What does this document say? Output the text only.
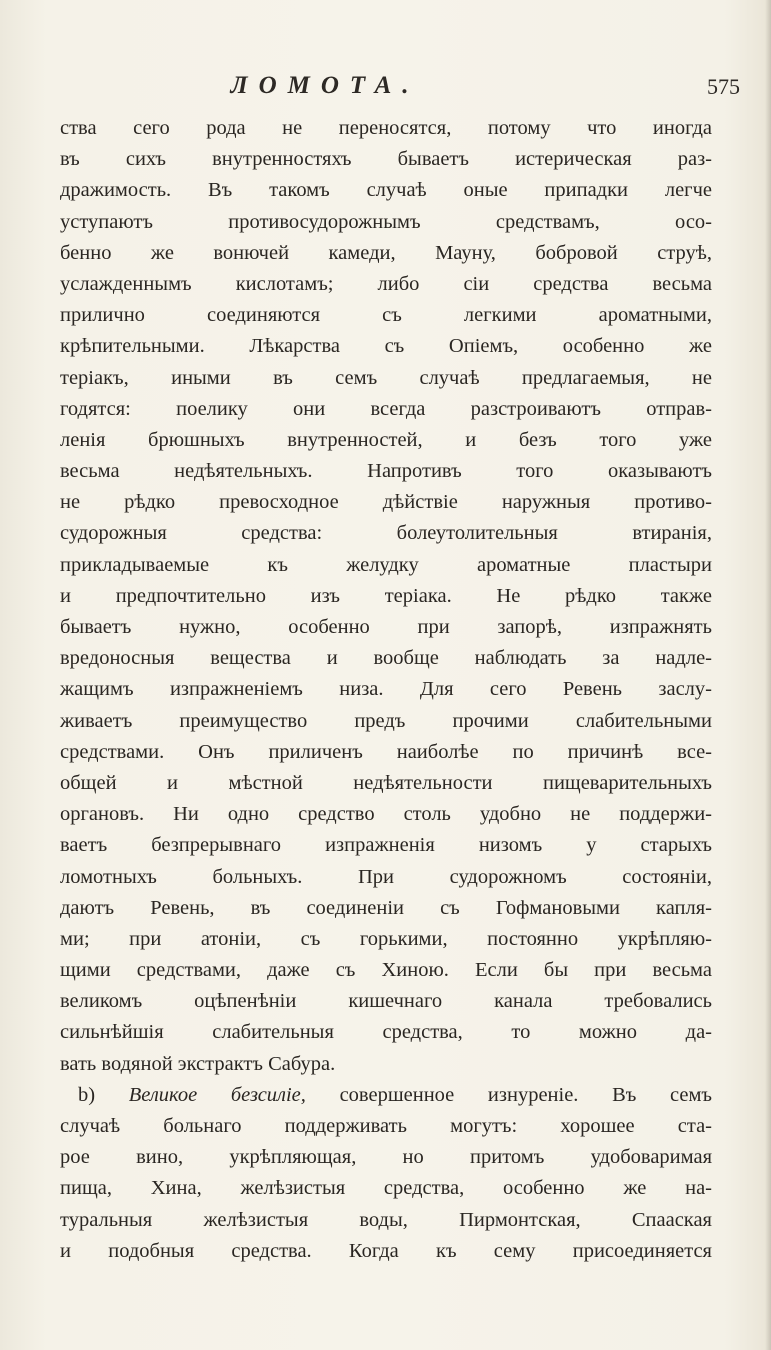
ЛОМОТА.	575
ства сего рода не переносятся, потому что иногда
въ сихъ внутренностяхъ бываетъ истерическая раз-
дражимость. Въ такомъ случаѣ оные припадки легче
уступаютъ противосудорожнымъ средствамъ, осо-
бенно же вонючей камеди, Мауну, бобровой струѣ,
услажденнымъ кислотамъ; либо сіи средства весьма
прилично соединяются съ легкими ароматными,
крѣпительными. Лѣкарства съ Опіемъ, особенно же
теріакъ, иными въ семъ случаѣ предлагаемыя, не
годятся: поелику они всегда разстроиваютъ отправ-
ленія брюшныхъ внутренностей, и безъ того уже
весьма недѣятельныхъ. Напротивъ того оказываютъ
не рѣдко превосходное дѣйствіе наружныя противо-
судорожныя средства: болеутолительныя втиранія,
прикладываемые къ желудку ароматные пластыри
и предпочтительно изъ теріака. Не рѣдко также
бываетъ нужно, особенно при запорѣ, изпражнять
вредоносныя вещества и вообще наблюдать за надле-
жащимъ изпражненіемъ низа. Для сего Ревень заслу-
живаетъ преимущество предъ прочими слабительными
средствами. Онъ приличенъ наиболѣе по причинѣ все-
общей и мѣстной недѣятельности пищеварительныхъ
органовъ. Ни одно средство столь удобно не поддержи-
ваетъ безпрерывнаго изпражненія низомъ у старыхъ
ломотныхъ больныхъ. При судорожномъ состояніи,
даютъ Ревень, въ соединеніи съ Гофмановыми капля-
ми; при атоніи, съ горькими, постоянно укрѣпляю-
щими средствами, даже съ Хиною. Если бы при весьма
великомъ оцѣпенѣніи кишечнаго канала требовались
сильнѣйшія слабительныя средства, то можно да-
вать водяной экстрактъ Сабура.
b) Великое безсиліе, совершенное изнуреніе. Въ семъ
случаѣ больнаго поддерживать могутъ: хорошее ста-
рое вино, укрѣпляющая, но притомъ удобоваримая
пища, Хина, желѣзистыя средства, особенно же на-
туральныя желѣзистыя воды, Пирмонтская, Спааская
и подобныя средства. Когда къ сему присоединяется
